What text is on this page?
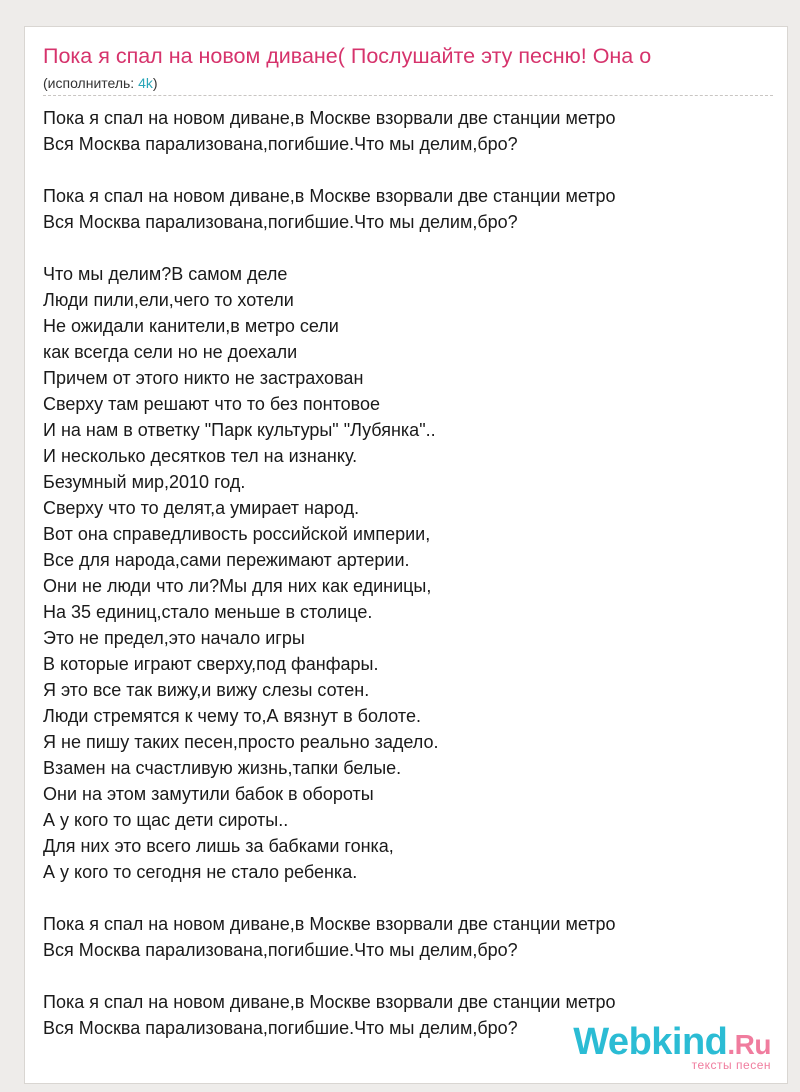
Пока я спал на новом диване( Послушайте эту песню! Она о
(исполнитель: 4k)
Пока я спал на новом диване,в Москве взорвали две станции метро
Вся Москва парализована,погибшие.Что мы делим,бро?
Пока я спал на новом диване,в Москве взорвали две станции метро
Вся Москва парализована,погибшие.Что мы делим,бро?
Что мы делим?В самом деле
Люди пили,ели,чего то хотели
Не ожидали канители,в метро сели
как всегда сели но не доехали
Причем от этого никто не застрахован
Сверху там решают что то без понтовое
И на нам в ответку "Парк культуры" "Лубянка"..
И несколько десятков тел на изнанку.
Безумный мир,2010 год.
Сверху что то делят,а умирает народ.
Вот она справедливость российской империи,
Все для народа,сами пережимают артерии.
Они не люди что ли?Мы для них как единицы,
На 35 единиц,стало меньше в столице.
Это не предел,это начало игры
В которые играют сверху,под фанфары.
Я это все так вижу,и вижу слезы сотен.
Люди стремятся к чему то,А вязнут в болоте.
Я не пишу таких песен,просто реально задело.
Взамен на счастливую жизнь,тапки белые.
Они на этом замутили бабок в обороты
А у кого то щас дети сироты..
Для них это всего лишь за бабками гонка,
А у кого то сегодня не стало ребенка.
Пока я спал на новом диване,в Москве взорвали две станции метро
Вся Москва парализована,погибшие.Что мы делим,бро?
Пока я спал на новом диване,в Москве взорвали две станции метро
Вся Москва парализована,погибшие.Что мы делим,бро?	Webkind.Ru
тексты песен
